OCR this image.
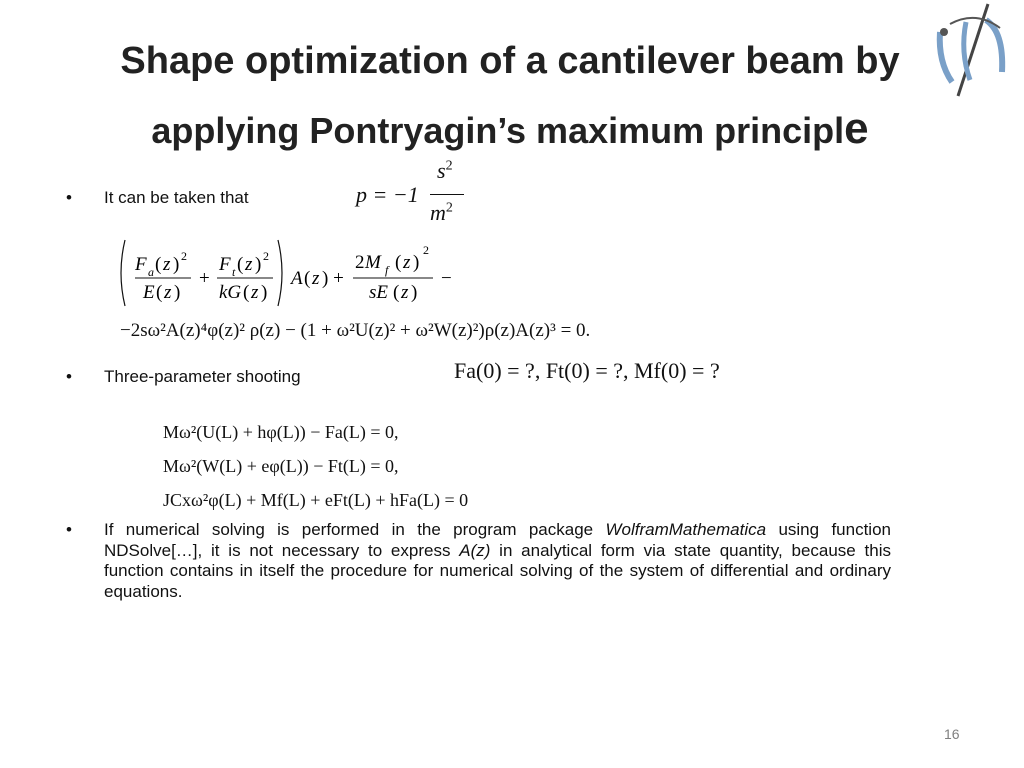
Shape optimization of a cantilever beam by
applying Pontryagin’s maximum principle
• It can be taken that	p = −1
$s^2$
$m^2$
F a ( z ) 2
E ( z )
+
F t ( z ) 2
kG ( z )
A ( z ) +
2 M f ( z )
2
sE ( z )
−
−2sω²A(z)⁴φ(z)² ρ(z) − (1 + ω²U(z)² + ω²W(z)²)ρ(z)A(z)³ = 0.
• Three-parameter shooting	Fa(0) = ?, Ft(0) = ?, Mf(0) = ?
Mω²(U(L) + hφ(L)) − Fa(L) = 0,
Mω²(W(L) + eφ(L)) − Ft(L) = 0,
JCxω²φ(L) + Mf(L) + eFt(L) + hFa(L) = 0
• If numerical solving is performed in the program package WolframMathematica using function NDSolve[…], it is not necessary to express A(z) in analytical form via state quantity, because this function contains in itself the procedure for numerical solving of the system of differential and ordinary equations.
16
